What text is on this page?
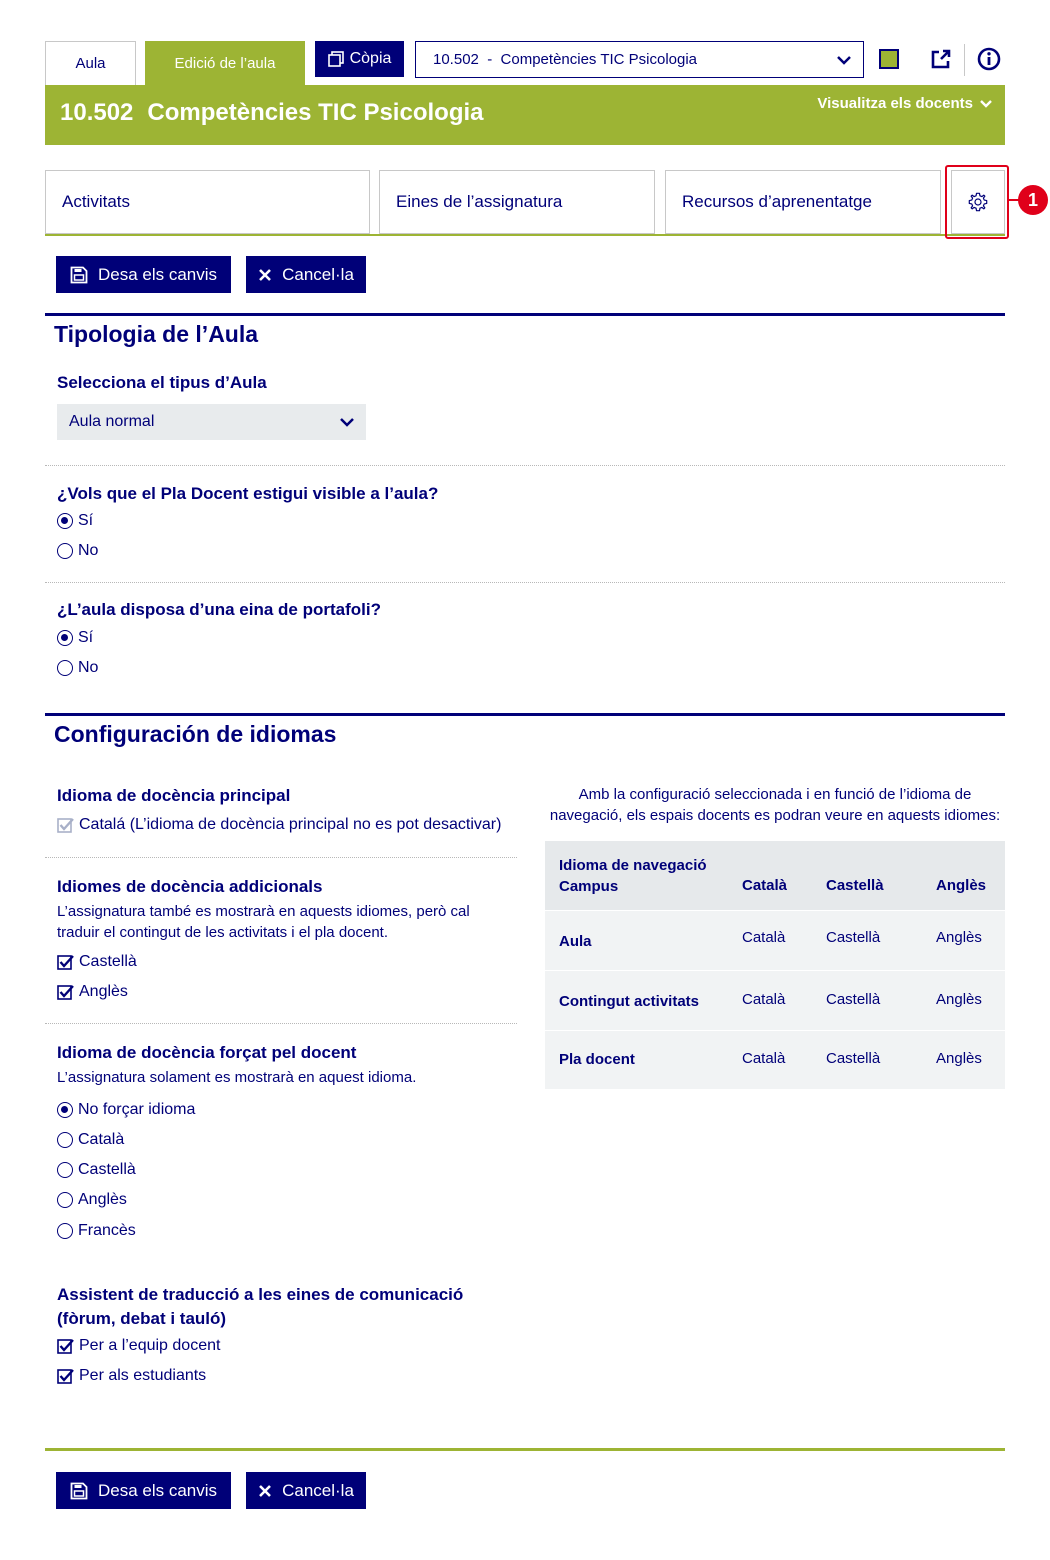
Aula	Edició de l’aula	Còpia	10.502  -  Competències TIC Psicologia
10.502 Competències TIC Psicologia	Visualitza els docents
Activitats	Eines de l’assignatura	Recursos d’aprenentatge	1
Desa els canvis	Cancel·la
Tipologia de l’Aula
Selecciona el tipus d’Aula
Aula normal
¿Vols que el Pla Docent estigui visible a l’aula?
Sí
No
¿L’aula disposa d’una eina de portafoli?
Sí
No
Configuración de idiomas
Idioma de docència principal
Catalá (L’idioma de docència principal no es pot desactivar)
Idiomes de docència addicionals
L’assignatura també es mostrarà en aquests idiomes, però cal traduir el contingut de les activitats i el pla docent.
Castellà
Anglès
Idioma de docència forçat pel docent
L’assignatura solament es mostrarà en aquest idioma.
No forçar idioma
Català
Castellà
Anglès
Francès
Assistent de traducció a les eines de comunicació (fòrum, debat i tauló)
Per a l’equip docent
Per als estudiants
Amb la configuració seleccionada i en funció de l’idioma de navegació, els espais docents es podran veure en aquests idiomes:
Idioma de navegació Campus	Català	Castellà	Anglès
Aula	Català	Castellà	Anglès
Contingut activitats	Català	Castellà	Anglès
Pla docent	Català	Castellà	Anglès
Desa els canvis	Cancel·la
